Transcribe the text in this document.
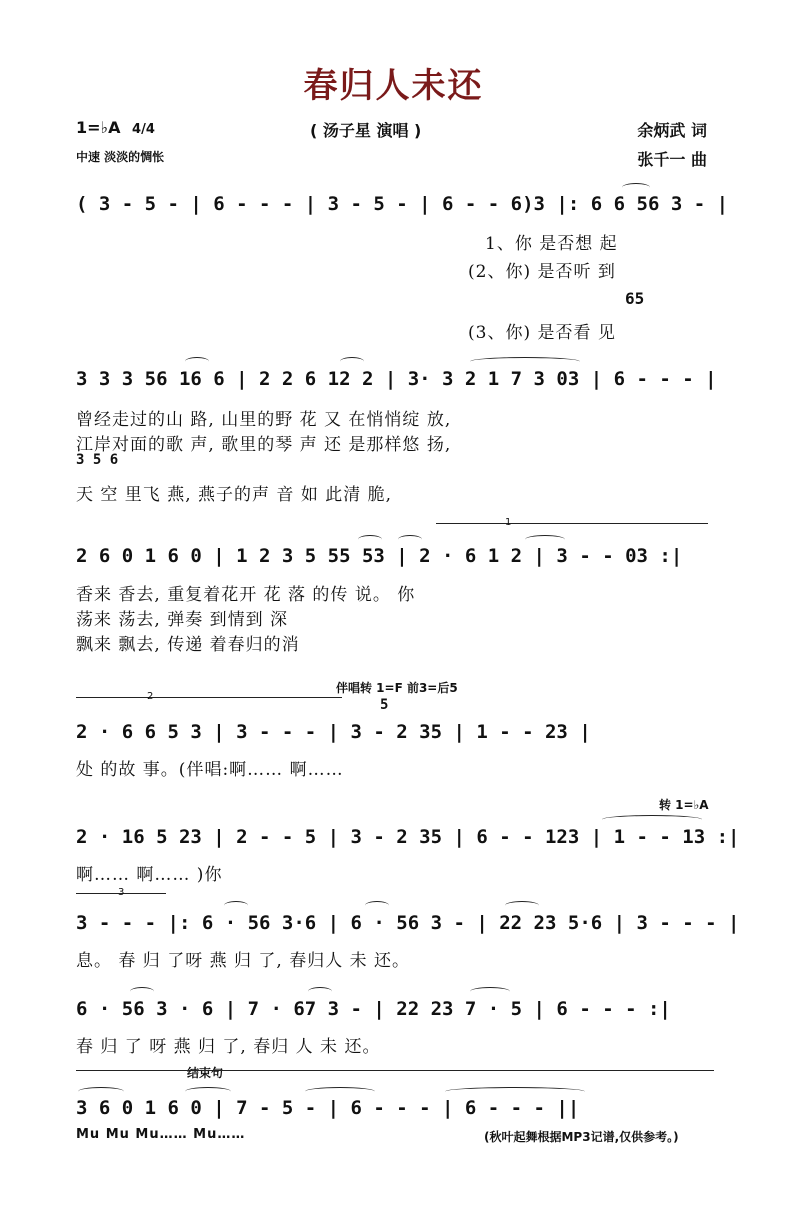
春归人未还
1=♭A 4/4
中速 淡淡的惆怅
( 汤子星 演唱 )	余炳武 词
张千一 曲
( 3 - 5 - | 6 - - - | 3 - 5 - | 6 - - 6)3 |: 6 6 56 3 - |
1、你 是否想 起
(2、你) 是否听 到
65
(3、你) 是否看 见
3 3 3 56 16 6 | 2 2 6 12 2 | 3· 3 2 1 7 3 03 | 6 - - - |
曾经走过的山 路, 山里的野 花 又 在悄悄绽 放,
江岸对面的歌 声, 歌里的琴 声 还 是那样悠 扬,
3 5 6
天 空 里飞 燕, 燕子的声 音 如 此清 脆,
1
2 6 0 1 6 0 | 1 2 3 5 55 53 | 2 · 6 1 2 | 3 - - 03 :|
香来 香去, 重复着花开 花 落 的传 说。 你
荡来 荡去, 弹奏 到情到 深
飘来 飘去, 传递 着春归的消
2
伴唱转 1=F 前3=后5
5
2 · 6 6 5 3 | 3 - - - | 3 - 2 35 | 1 - - 23 |
处 的故 事。(伴唱:啊…… 啊……
转 1=♭A
2 · 16 5 23 | 2 - - 5 | 3 - 2 35 | 6 - - 123 | 1 - - 13 :|
啊…… 啊…… )你
3
3 - - - |: 6 · 56 3·6 | 6 · 56 3 - | 22 23 5·6 | 3 - - - |
息。 春 归 了呀 燕 归 了, 春归人 未 还。
6 · 56 3 · 6 | 7 · 67 3 - | 22 23 7 · 5 | 6 - - - :|
春 归 了 呀 燕 归 了, 春归 人 未 还。
结束句
3 6 0 1 6 0 | 7 - 5 - | 6 - - - | 6 - - - ||
Mu Mu Mu…… Mu……	(秋叶起舞根据MP3记谱,仅供参考。)
